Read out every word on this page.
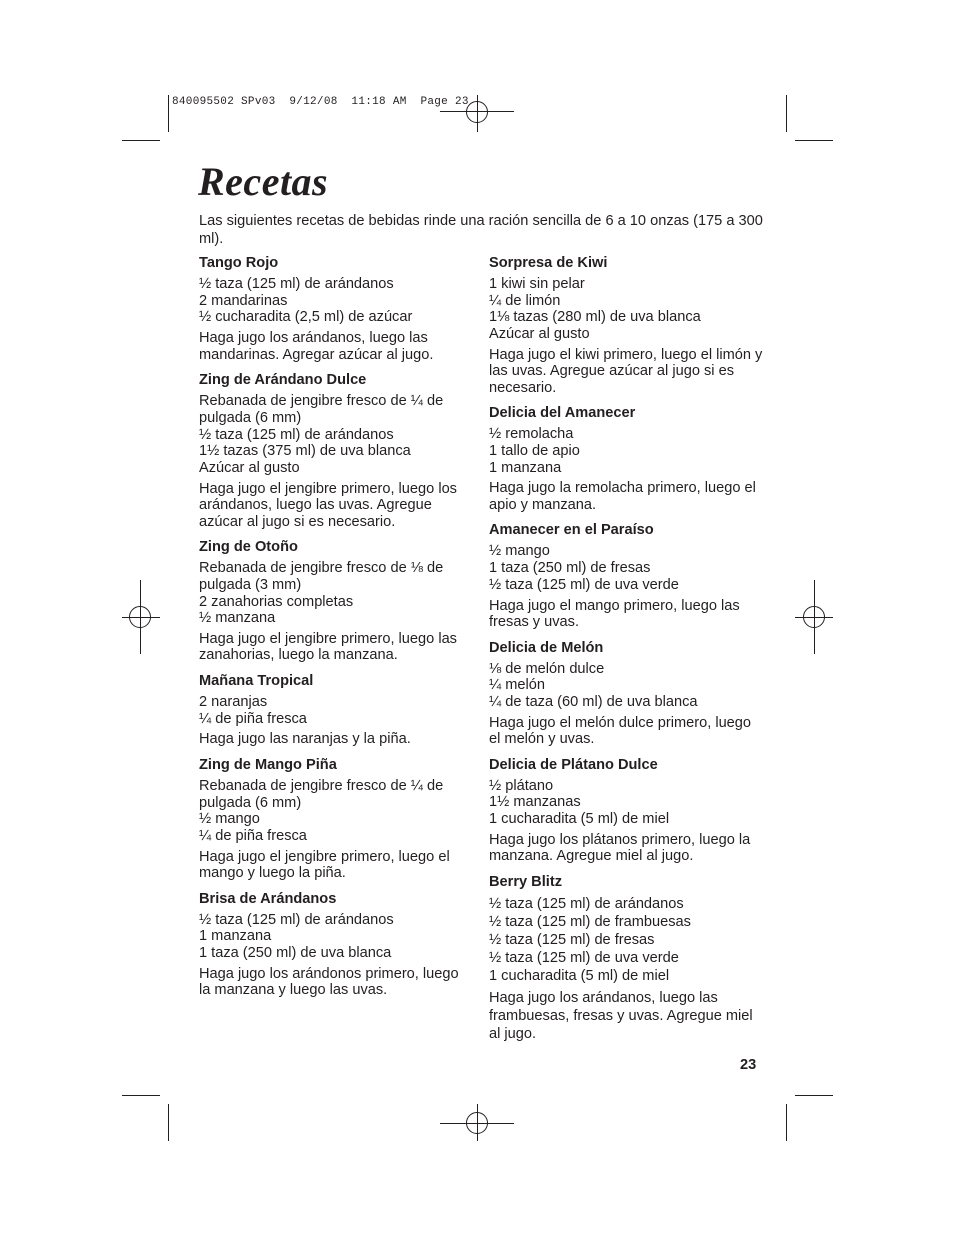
840095502 SPv03  9/12/08  11:18 AM  Page 23
Recetas

Las siguientes recetas de bebidas rinde una ración sencilla de 6 a 10 onzas (175 a 300 ml).

Tango Rojo
½ taza (125 ml) de arándanos
2 mandarinas
½ cucharadita (2,5 ml) de azúcar

Haga jugo los arándanos, luego las mandarinas. Agregar azúcar al jugo.

Zing de Arándano Dulce
Rebanada de jengibre fresco de ¼ de pulgada (6 mm)
½ taza (125 ml) de arándanos
1½ tazas (375 ml) de uva blanca
Azúcar al gusto

Haga jugo el jengibre primero, luego los arándanos, luego las uvas. Agregue azúcar al jugo si es necesario.

Zing de Otoño
Rebanada de jengibre fresco de ⅛ de pulgada (3 mm)
2 zanahorias completas
½ manzana

Haga jugo el jengibre primero, luego las zanahorias, luego la manzana.

Mañana Tropical
2 naranjas
¼ de piña fresca

Haga jugo las naranjas y la piña.

Zing de Mango Piña
Rebanada de jengibre fresco de ¼ de pulgada (6 mm)
½ mango
¼ de piña fresca

Haga jugo el jengibre primero, luego el mango y luego la piña.

Brisa de Arándanos
½ taza (125 ml) de arándanos
1 manzana
1 taza (250 ml) de uva blanca

Haga jugo los arándonos primero, luego la manzana y luego las uvas.

Sorpresa de Kiwi
1 kiwi sin pelar
¼ de limón
1⅛ tazas (280 ml) de uva blanca
Azúcar al gusto

Haga jugo el kiwi primero, luego el limón y las uvas. Agregue azúcar al jugo si es necesario.

Delicia del Amanecer
½ remolacha
1 tallo de apio
1 manzana

Haga jugo la remolacha primero, luego el apio y manzana.

Amanecer en el Paraíso
½ mango
1 taza (250 ml) de fresas
½ taza (125 ml) de uva verde

Haga jugo el mango primero, luego las fresas y uvas.

Delicia de Melón
⅛ de melón dulce
¼ melón
¼ de taza (60 ml) de uva blanca

Haga jugo el melón dulce primero, luego el melón y uvas.

Delicia de Plátano Dulce
½ plátano
1½ manzanas
1 cucharadita (5 ml) de miel

Haga jugo los plátanos primero, luego la manzana. Agregue miel al jugo.

Berry Blitz
½ taza (125 ml) de arándanos
½ taza (125 ml) de frambuesas
½ taza (125 ml) de fresas
½ taza (125 ml) de uva verde
1 cucharadita (5 ml) de miel

Haga jugo los arándanos, luego las frambuesas, fresas y uvas. Agregue miel al jugo.

23
